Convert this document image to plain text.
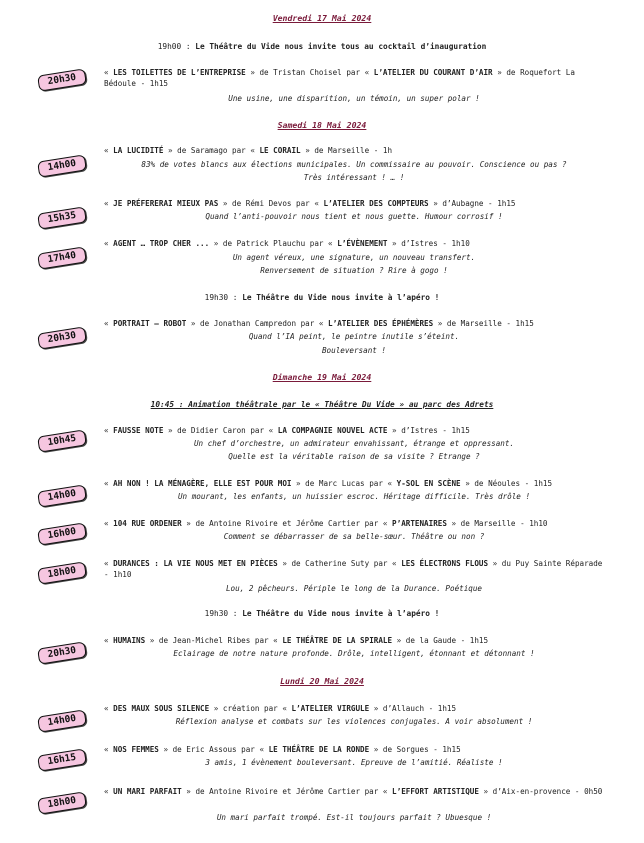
Vendredi 17 Mai 2024
19h00 : Le Théâtre du Vide nous invite tous au cocktail d’inauguration
Samedi 18 Mai 2024
19h30 : Le Théâtre du Vide nous invite à l’apéro !
Dimanche 19 Mai 2024
10:45 : Animation théâtrale par le « Théâtre Du Vide » au parc des Adrets
19h30 : Le Théâtre du Vide nous invite à l’apéro !
Lundi 20 Mai 2024
20h30	« LES TOILETTES DE L’ENTREPRISE » de Tristan Choisel par « L’ATELIER DU COURANT D’AIR » de Roquefort La Bédoule - 1h15
Une usine, une disparition, un témoin, un super polar !
14h00
« LA LUCIDITÉ » de Saramago par « LE CORAIL » de Marseille - 1h
83% de votes blancs aux élections municipales. Un commissaire au pouvoir. Conscience ou pas ?
Très intéressant ! … !
15h35
« JE PRÉFERERAI MIEUX PAS » de Rémi Devos par « L’ATELIER DES COMPTEURS » d’Aubagne - 1h15
Quand l’anti-pouvoir nous tient et nous guette. Humour corrosif !
17h40
« AGENT … TROP CHER ... » de Patrick Plauchu par « L’ÉVÈNEMENT » d’Istres - 1h10
Un agent véreux, une signature, un nouveau transfert.
Renversement de situation ? Rire à gogo !
20h30
« PORTRAIT – ROBOT » de Jonathan Campredon par « L’ATELIER DES ÉPHÉMÈRES » de Marseille - 1h15
Quand l’IA peint, le peintre inutile s’éteint.
Bouleversant !
10h45
« FAUSSE NOTE » de Didier Caron par « LA COMPAGNIE NOUVEL ACTE » d’Istres - 1h15
Un chef d’orchestre, un admirateur envahissant, étrange et oppressant.
Quelle est la véritable raison de sa visite ? Etrange ?
14h00
« AH NON ! LA MÉNAGÈRE, ELLE EST POUR MOI » de Marc Lucas par « Y-SOL EN SCÈNE » de Néoules - 1h15
Un mourant, les enfants, un huissier escroc. Héritage difficile. Très drôle !
16h00
« 104 RUE ORDENER » de Antoine Rivoire et Jérôme Cartier par « P’ARTENAIRES » de Marseille - 1h10
Comment se débarrasser de sa belle-sœur. Théâtre ou non ?
18h00
« DURANCES : LA VIE NOUS MET EN PIÈCES » de Catherine Suty par « LES ÉLECTRONS FLOUS » du Puy Sainte Réparade - 1h10
Lou, 2 pêcheurs. Périple le long de la Durance. Poétique
20h30
« HUMAINS » de Jean-Michel Ribes par « LE THÉÂTRE DE LA SPIRALE » de la Gaude - 1h15
Eclairage de notre nature profonde. Drôle, intelligent, étonnant et détonnant !
14h00
« DES MAUX SOUS SILENCE » création par « L’ATELIER VIRGULE » d’Allauch - 1h15
Réflexion analyse et combats sur les violences conjugales. A voir absolument !
16h15
« NOS FEMMES » de Eric Assous par « LE THÉÂTRE DE LA RONDE » de Sorgues - 1h15
3 amis, 1 évènement bouleversant. Epreuve de l’amitié. Réaliste !
18h00
« UN MARI PARFAIT » de Antoine Rivoire et Jérôme Cartier par « L’EFFORT ARTISTIQUE » d’Aix-en-provence - 0h50
Un mari parfait trompé. Est-il toujours parfait ? Ubuesque !
